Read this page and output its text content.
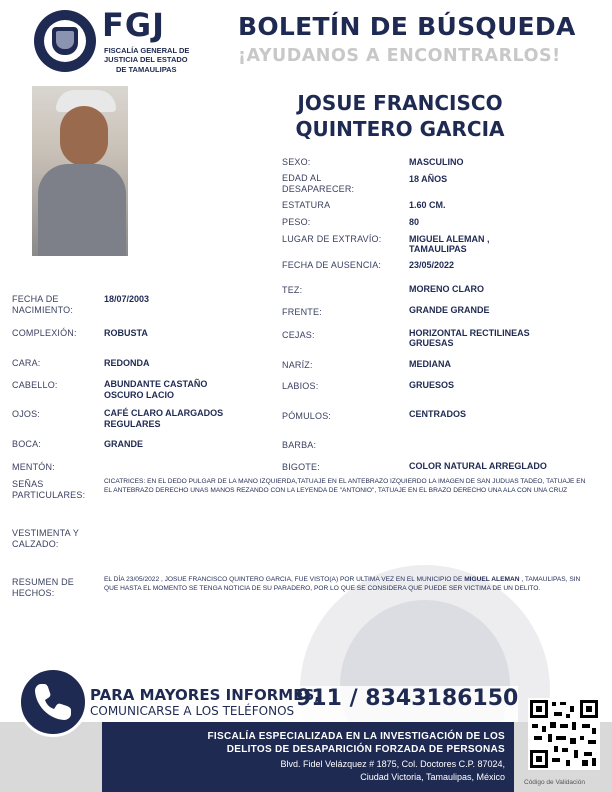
FGJ
FISCALÍA GENERAL DE
JUSTICIA DEL ESTADO
DE TAMAULIPAS
BOLETÍN DE BÚSQUEDA
¡AYUDANOS A ENCONTRARLOS!
JOSUE FRANCISCO
QUINTERO GARCIA
SEXO:	MASCULINO
EDAD AL
DESAPARECER:
18 AÑOS
ESTATURA	1.60 CM.
PESO:	80
LUGAR DE EXTRAVÍO:	MIGUEL ALEMAN ,
TAMAULIPAS
FECHA DE AUSENCIA:	23/05/2022
TEZ:	MORENO CLARO
FECHA DE
NACIMIENTO:
18/07/2003
FRENTE:	GRANDE GRANDE
COMPLEXIÓN:	ROBUSTA	CEJAS:	HORIZONTAL RECTILINEAS
GRUESAS
CARA:	REDONDA	NARÍZ:	MEDIANA
CABELLO:	ABUNDANTE CASTAÑO
OSCURO LACIO
LABIOS:	GRUESOS
OJOS:	CAFÉ CLARO ALARGADOS
REGULARES
PÓMULOS:	CENTRADOS
BOCA:	GRANDE	BARBA:
MENTÓN:	BIGOTE:	COLOR NATURAL ARREGLADO
SEÑAS
PARTICULARES:
CICATRICES: EN EL DEDO PULGAR DE LA MANO IZQUIERDA,TATUAJE EN EL ANTEBRAZO IZQUIERDO LA IMAGEN DE SAN JUDUAS TADEO, TATUAJE EN EL ANTEBRAZO DERECHO UNAS MANOS REZANDO CON LA LEYENDA DE "ANTONIO", TATUAJE EN EL BRAZO DERECHO UNA ALA CON UNA CRUZ
VESTIMENTA Y
CALZADO:
RESUMEN DE
HECHOS:
EL DÍA 23/05/2022 , JOSUE FRANCISCO QUINTERO GARCIA, FUE VISTO(A) POR ULTIMA VEZ EN EL MUNICIPIO DE MIGUEL ALEMAN , TAMAULIPAS, SIN QUE HASTA EL MOMENTO SE TENGA NOTICIA DE SU PARADERO, POR LO QUE SE CONSIDERA QUE PUEDE SER VICTIMA DE UN DELITO.
PARA MAYORES INFORMES,
COMUNICARSE A LOS TELÉFONOS 911 / 8343186150
FISCALÍA ESPECIALIZADA EN LA INVESTIGACIÓN DE LOS
DELITOS DE DESAPARICIÓN FORZADA DE PERSONAS
Blvd. Fidel Velázquez # 1875, Col. Doctores C.P. 87024,
Ciudad Victoria, Tamaulipas, México
Código de Validación
